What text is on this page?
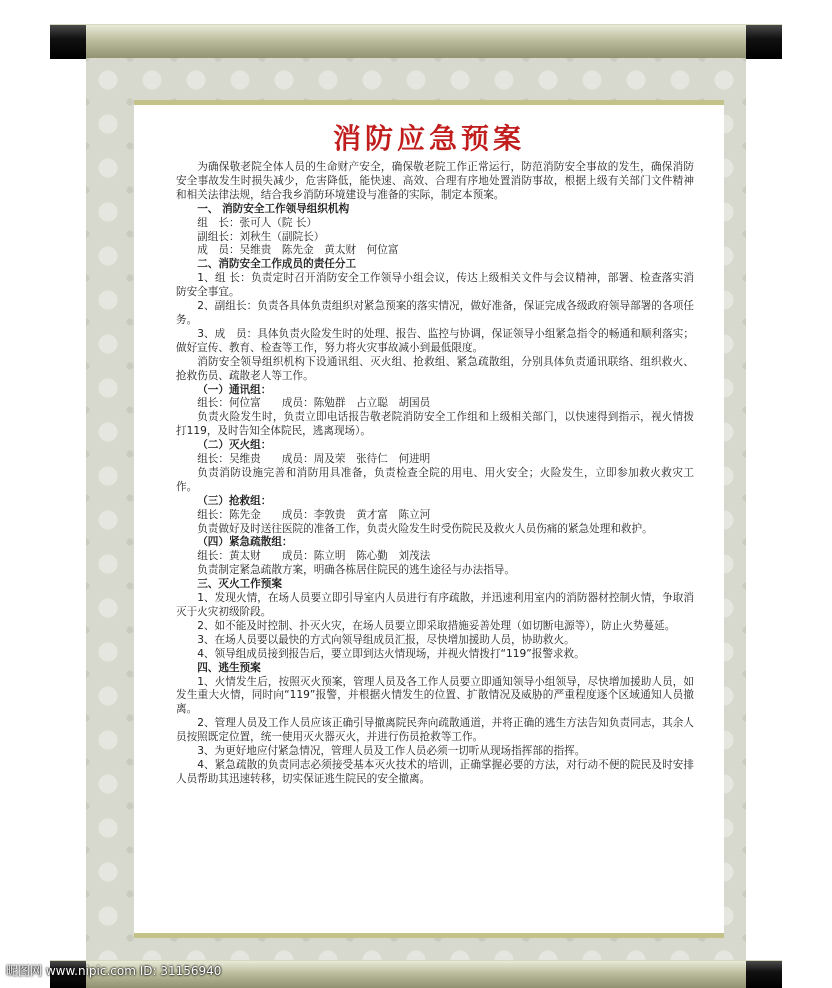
消防应急预案

为确保敬老院全体人员的生命财产安全，确保敬老院工作正常运行，防范消防安全事故的发生，确保消防安全事故发生时损失减少，危害降低，能快速、高效、合理有序地处置消防事故，根据上级有关部门文件精神和相关法律法规，结合我乡消防环境建设与准备的实际，制定本预案。

一、 消防安全工作领导组织机构

组　长：张可人（院 长）

副组长：刘秋生（副院长）

成　员：吴维贵　陈先金　黄太财　何位富

二、消防安全工作成员的责任分工

1、组 长：负责定时召开消防安全工作领导小组会议，传达上级相关文件与会议精神，部署、检查落实消防安全事宜。

2、副组长：负责各具体负责组织对紧急预案的落实情况，做好准备，保证完成各级政府领导部署的各项任务。

3、成　员：具体负责火险发生时的处理、报告、监控与协调，保证领导小组紧急指令的畅通和顺利落实；做好宣传、教育、检查等工作，努力将火灾事故减小到最低限度。

消防安全领导组织机构下设通讯组、灭火组、抢救组、紧急疏散组，分别具体负责通讯联络、组织救火、抢救伤员、疏散老人等工作。

（一）通讯组：

组长：何位富　　成员：陈勉群　占立聪　胡国员

负责火险发生时，负责立即电话报告敬老院消防安全工作组和上级相关部门，以快速得到指示，视火情拨打119，及时告知全体院民，逃离现场）。

（二）灭火组：

组长：吴维贵　　成员：周及荣　张待仁　何进明

负责消防设施完善和消防用具准备，负责检查全院的用电、用火安全；火险发生，立即参加救火救灾工作。

（三）抢救组：

组长：陈先金　　成员：李敦贵　黄才富　陈立河

负责做好及时送往医院的准备工作，负责火险发生时受伤院民及救火人员伤痛的紧急处理和救护。

（四）紧急疏散组：

组长：黄太财　　成员：陈立明　陈心勤　刘茂法

负责制定紧急疏散方案，明确各栋居住院民的逃生途径与办法指导。

三、灭火工作预案

1、发现火情，在场人员要立即引导室内人员进行有序疏散，并迅速利用室内的消防器材控制火情，争取消灭于火灾初级阶段。

2、如不能及时控制、扑灭火灾，在场人员要立即采取措施妥善处理（如切断电源等），防止火势蔓延。

3、在场人员要以最快的方式向领导组成员汇报，尽快增加援助人员，协助救火。

4、领导组成员接到报告后，要立即到达火情现场，并视火情拨打“119”报警求救。

四、逃生预案

1、火情发生后，按照灭火预案，管理人员及各工作人员要立即通知领导小组领导，尽快增加援助人员，如发生重大火情，同时向“119”报警，并根据火情发生的位置、扩散情况及威胁的严重程度逐个区域通知人员撤离。

2、管理人员及工作人员应该正确引导撤离院民奔向疏散通道，并将正确的逃生方法告知负责同志，其余人员按照既定位置，统一使用灭火器灭火，并进行伤员抢救等工作。

3、为更好地应付紧急情况，管理人员及工作人员必须一切听从现场指挥部的指挥。

4、紧急疏散的负责同志必须接受基本灭火技术的培训，正确掌握必要的方法，对行动不便的院民及时安排人员帮助其迅速转移，切实保证逃生院民的安全撤离。

昵图网 www.nipic.com ID: 31156940
